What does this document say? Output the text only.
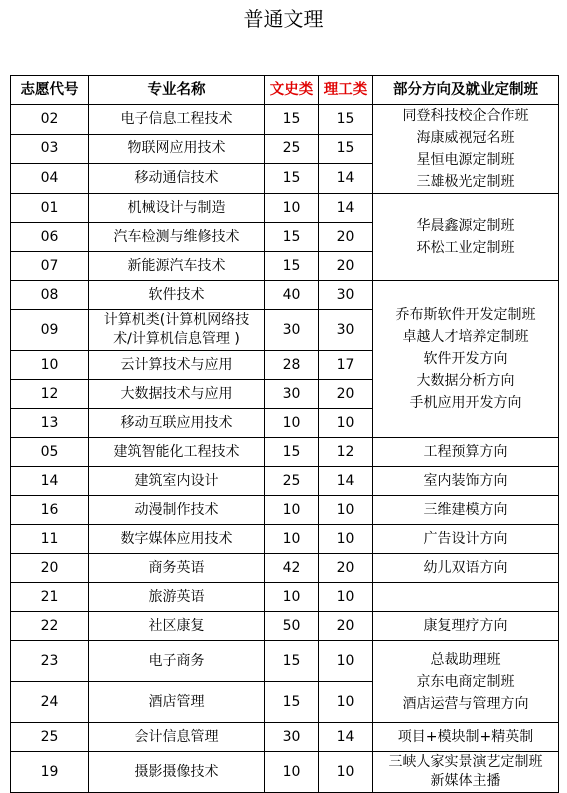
普通文理
志愿代号	专业名称	文史类	理工类	部分方向及就业定制班
02	电子信息工程技术	15	15	同登科技校企合作班
海康威视冠名班
星恒电源定制班
三雄极光定制班

03	物联网应用技术	25	15	
04	移动通信技术	15	14	
01	机械设计与制造	10	14	华晨鑫源定制班
环松工业定制班

06	汽车检测与维修技术	15	20	
07	新能源汽车技术	15	20	
08	软件技术	40	30	乔布斯软件开发定制班
卓越人才培养定制班
软件开发方向
大数据分析方向
手机应用开发方向

09	计算机类(计算机网络技
术/计算机信息管理 )	30	30	
10	云计算技术与应用	28	17	
12	大数据技术与应用	30	20	
13	移动互联应用技术	10	10	
05	建筑智能化工程技术	15	12	工程预算方向
14	建筑室内设计	25	14	室内装饰方向
16	动漫制作技术	10	10	三维建模方向
11	数字媒体应用技术	10	10	广告设计方向
20	商务英语	42	20	幼儿双语方向
21	旅游英语	10	10	
22	社区康复	50	20	康复理疗方向
23	电子商务	15	10	总裁助理班
京东电商定制班
酒店运营与管理方向

24	酒店管理	15	10	
25	会计信息管理	30	14	项目+模块制+精英制
19	摄影摄像技术	10	10	三峡人家实景演艺定制班
新媒体主播
